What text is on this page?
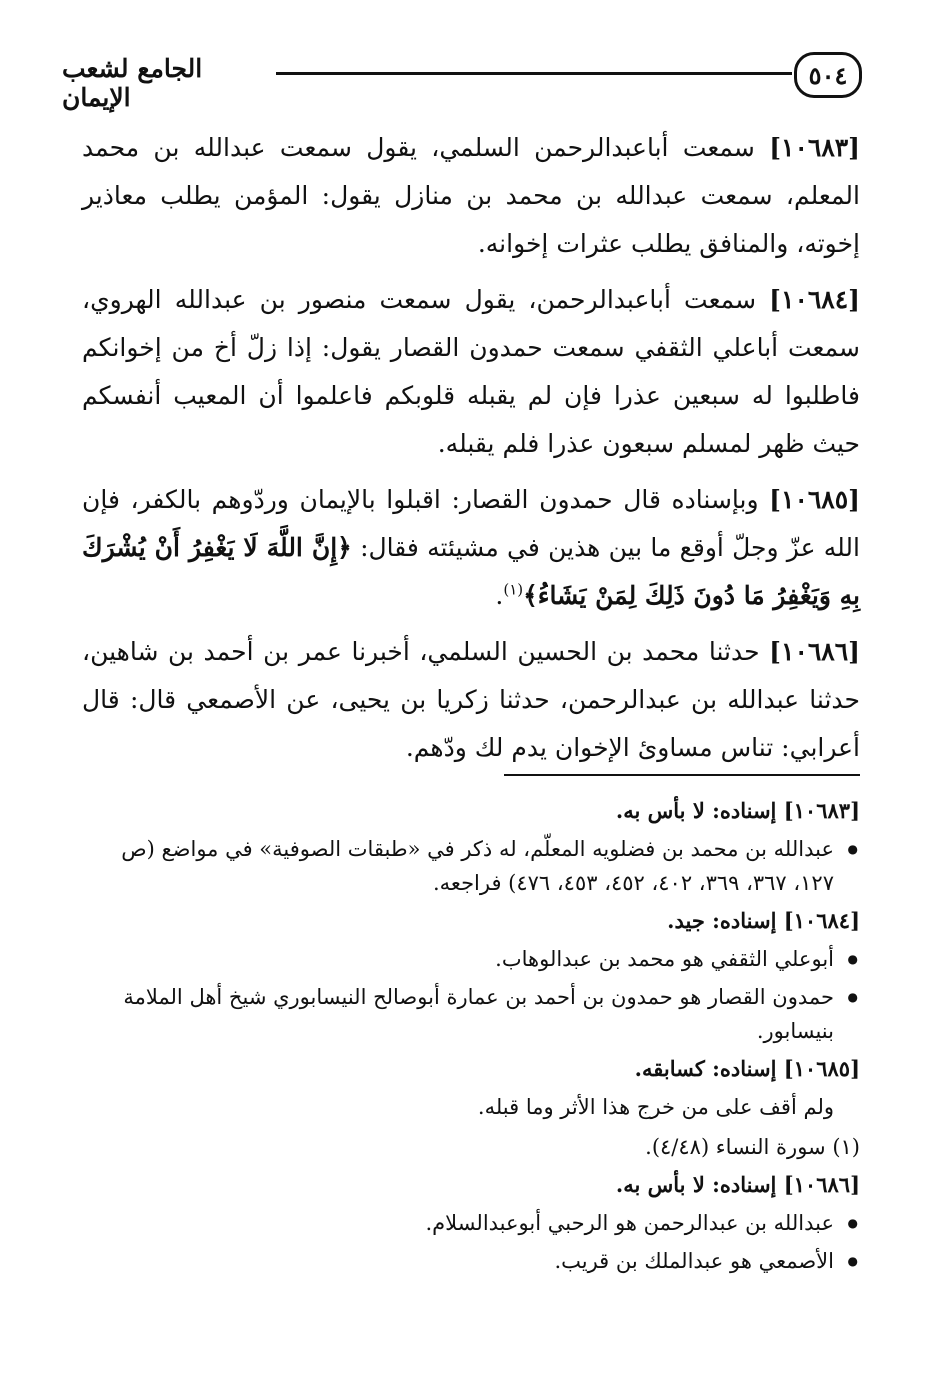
٥٠٤
الجامع لشعب الإيمان

[١٠٦٨٣] سمعت أباعبدالرحمن السلمي، يقول سمعت عبدالله بن محمد المعلم، سمعت عبدالله بن محمد بن منازل يقول: المؤمن يطلب معاذير إخوته، والمنافق يطلب عثرات إخوانه.

[١٠٦٨٤] سمعت أباعبدالرحمن، يقول سمعت منصور بن عبدالله الهروي، سمعت أباعلي الثقفي سمعت حمدون القصار يقول: إذا زلّ أخ من إخوانكم فاطلبوا له سبعين عذرا فإن لم يقبله قلوبكم فاعلموا أن المعيب أنفسكم حيث ظهر لمسلم سبعون عذرا فلم يقبله.

[١٠٦٨٥] وبإسناده قال حمدون القصار: اقبلوا بالإيمان وردّوهم بالكفر، فإن الله عزّ وجلّ أوقع ما بين هذين في مشيئته فقال: ﴿إِنَّ اللَّهَ لَا يَغْفِرُ أَنْ يُشْرَكَ بِهِ وَيَغْفِرُ مَا دُونَ ذَلِكَ لِمَنْ يَشَاءُ﴾$^{(١)}$.

[١٠٦٨٦] حدثنا محمد بن الحسين السلمي، أخبرنا عمر بن أحمد بن شاهين، حدثنا عبدالله بن عبدالرحمن، حدثنا زكريا بن يحيى، عن الأصمعي قال: قال أعرابي: تناس مساوئ الإخوان يدم لك ودّهم.

[١٠٦٨٣] إسناده: لا بأس به.
● عبدالله بن محمد بن فضلويه المعلّم، له ذكر في «طبقات الصوفية» في مواضع (ص ١٢٧، ٣٦٧، ٣٦٩، ٤٠٢، ٤٥٢، ٤٥٣، ٤٧٦) فراجعه.
[١٠٦٨٤] إسناده: جيد.
● أبوعلي الثقفي هو محمد بن عبدالوهاب.
● حمدون القصار هو حمدون بن أحمد بن عمارة أبوصالح النيسابوري شيخ أهل الملامة بنيسابور.
[١٠٦٨٥] إسناده: كسابقه.
ولم أقف على من خرج هذا الأثر وما قبله.
(١) سورة النساء (٤/٤٨).
[١٠٦٨٦] إسناده: لا بأس به.
● عبدالله بن عبدالرحمن هو الرحبي أبوعبدالسلام.
● الأصمعي هو عبدالملك بن قريب.
